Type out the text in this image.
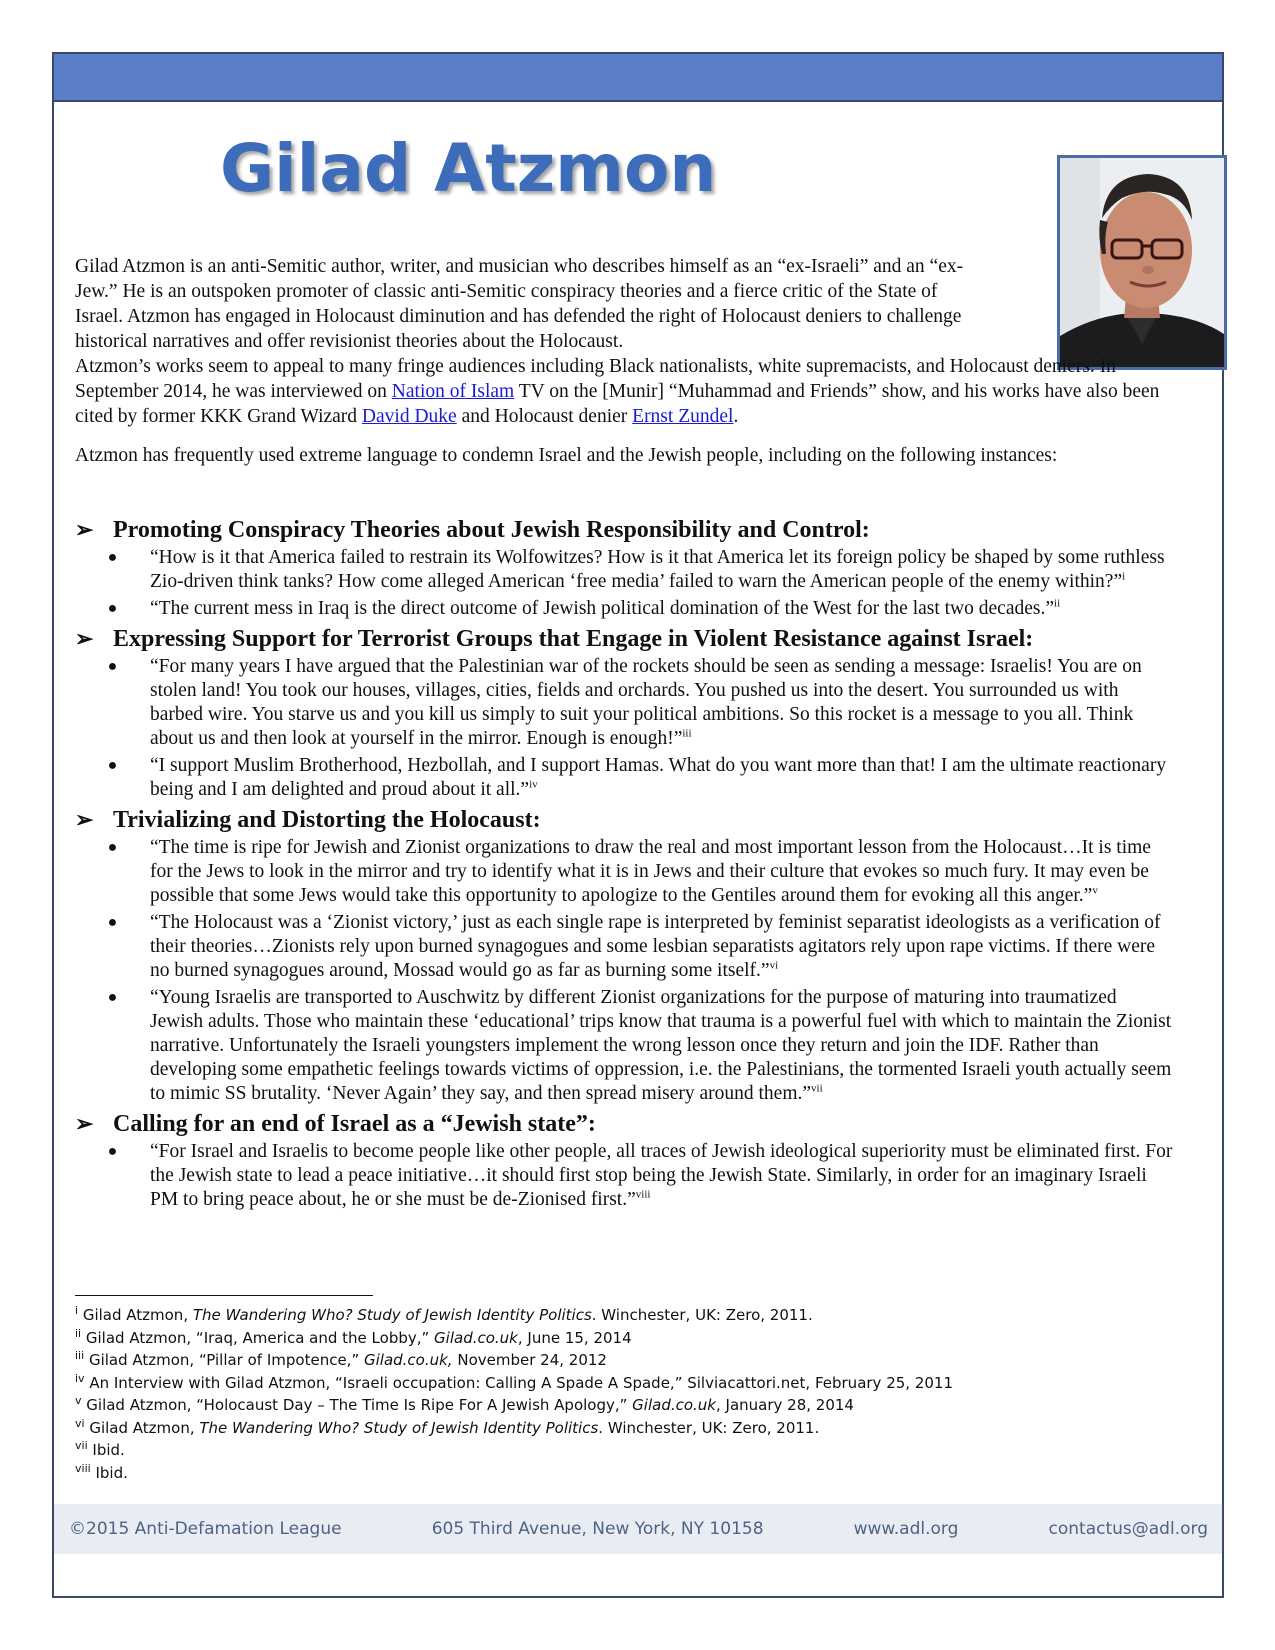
Gilad Atzmon

Gilad Atzmon is an anti-Semitic author, writer, and musician who describes himself as an “ex-Israeli” and an “ex-Jew.” He is an outspoken promoter of classic anti-Semitic conspiracy theories and a fierce critic of the State of Israel. Atzmon has engaged in Holocaust diminution and has defended the right of Holocaust deniers to challenge historical narratives and offer revisionist theories about the Holocaust.

Atzmon’s works seem to appeal to many fringe audiences including Black nationalists, white supremacists, and Holocaust deniers. In September 2014, he was interviewed on Nation of Islam TV on the [Munir] “Muhammad and Friends” show, and his works have also been cited by former KKK Grand Wizard David Duke and Holocaust denier Ernst Zundel.

Atzmon has frequently used extreme language to condemn Israel and the Jewish people, including on the following instances:

➢ Promoting Conspiracy Theories about Jewish Responsibility and Control:
●	“How is it that America failed to restrain its Wolfowitzes? How is it that America let its foreign policy be shaped by some ruthless Zio-driven think tanks? How come alleged American ‘free media’ failed to warn the American people of the enemy within?”$^i$
●	“The current mess in Iraq is the direct outcome of Jewish political domination of the West for the last two decades.”$^{ii}$
➢ Expressing Support for Terrorist Groups that Engage in Violent Resistance against Israel:
●	“For many years I have argued that the Palestinian war of the rockets should be seen as sending a message: Israelis! You are on stolen land! You took our houses, villages, cities, fields and orchards. You pushed us into the desert. You surrounded us with barbed wire. You starve us and you kill us simply to suit your political ambitions. So this rocket is a message to you all. Think about us and then look at yourself in the mirror. Enough is enough!”$^{iii}$
●	“I support Muslim Brotherhood, Hezbollah, and I support Hamas. What do you want more than that! I am the ultimate reactionary being and I am delighted and proud about it all.”$^{iv}$
➢ Trivializing and Distorting the Holocaust:
●	“The time is ripe for Jewish and Zionist organizations to draw the real and most important lesson from the Holocaust…It is time for the Jews to look in the mirror and try to identify what it is in Jews and their culture that evokes so much fury. It may even be possible that some Jews would take this opportunity to apologize to the Gentiles around them for evoking all this anger.”$^v$
●	“The Holocaust was a ‘Zionist victory,’ just as each single rape is interpreted by feminist separatist ideologists as a verification of their theories…Zionists rely upon burned synagogues and some lesbian separatists agitators rely upon rape victims. If there were no burned synagogues around, Mossad would go as far as burning some itself.”$^{vi}$
●	“Young Israelis are transported to Auschwitz by different Zionist organizations for the purpose of maturing into traumatized Jewish adults. Those who maintain these ‘educational’ trips know that trauma is a powerful fuel with which to maintain the Zionist narrative. Unfortunately the Israeli youngsters implement the wrong lesson once they return and join the IDF. Rather than developing some empathetic feelings towards victims of oppression, i.e. the Palestinians, the tormented Israeli youth actually seem to mimic SS brutality. ‘Never Again’ they say, and then spread misery around them.”$^{vii}$
➢ Calling for an end of Israel as a “Jewish state”:
●	“For Israel and Israelis to become people like other people, all traces of Jewish ideological superiority must be eliminated first. For the Jewish state to lead a peace initiative…it should first stop being the Jewish State. Similarly, in order for an imaginary Israeli PM to bring peace about, he or she must be de-Zionised first.”$^{viii}$
$^i$ Gilad Atzmon, The Wandering Who? Study of Jewish Identity Politics. Winchester, UK: Zero, 2011.
$^{ii}$ Gilad Atzmon, “Iraq, America and the Lobby,” Gilad.co.uk, June 15, 2014
$^{iii}$ Gilad Atzmon, “Pillar of Impotence,” Gilad.co.uk, November 24, 2012
$^{iv}$ An Interview with Gilad Atzmon, “Israeli occupation: Calling A Spade A Spade,” Silviacattori.net, February 25, 2011
$^v$ Gilad Atzmon, “Holocaust Day – The Time Is Ripe For A Jewish Apology,” Gilad.co.uk, January 28, 2014
$^{vi}$ Gilad Atzmon, The Wandering Who? Study of Jewish Identity Politics. Winchester, UK: Zero, 2011.
$^{vii}$ Ibid.
$^{viii}$ Ibid.
©2015 Anti-Defamation League	605 Third Avenue, New York, NY 10158	www.adl.org	contactus@adl.org
